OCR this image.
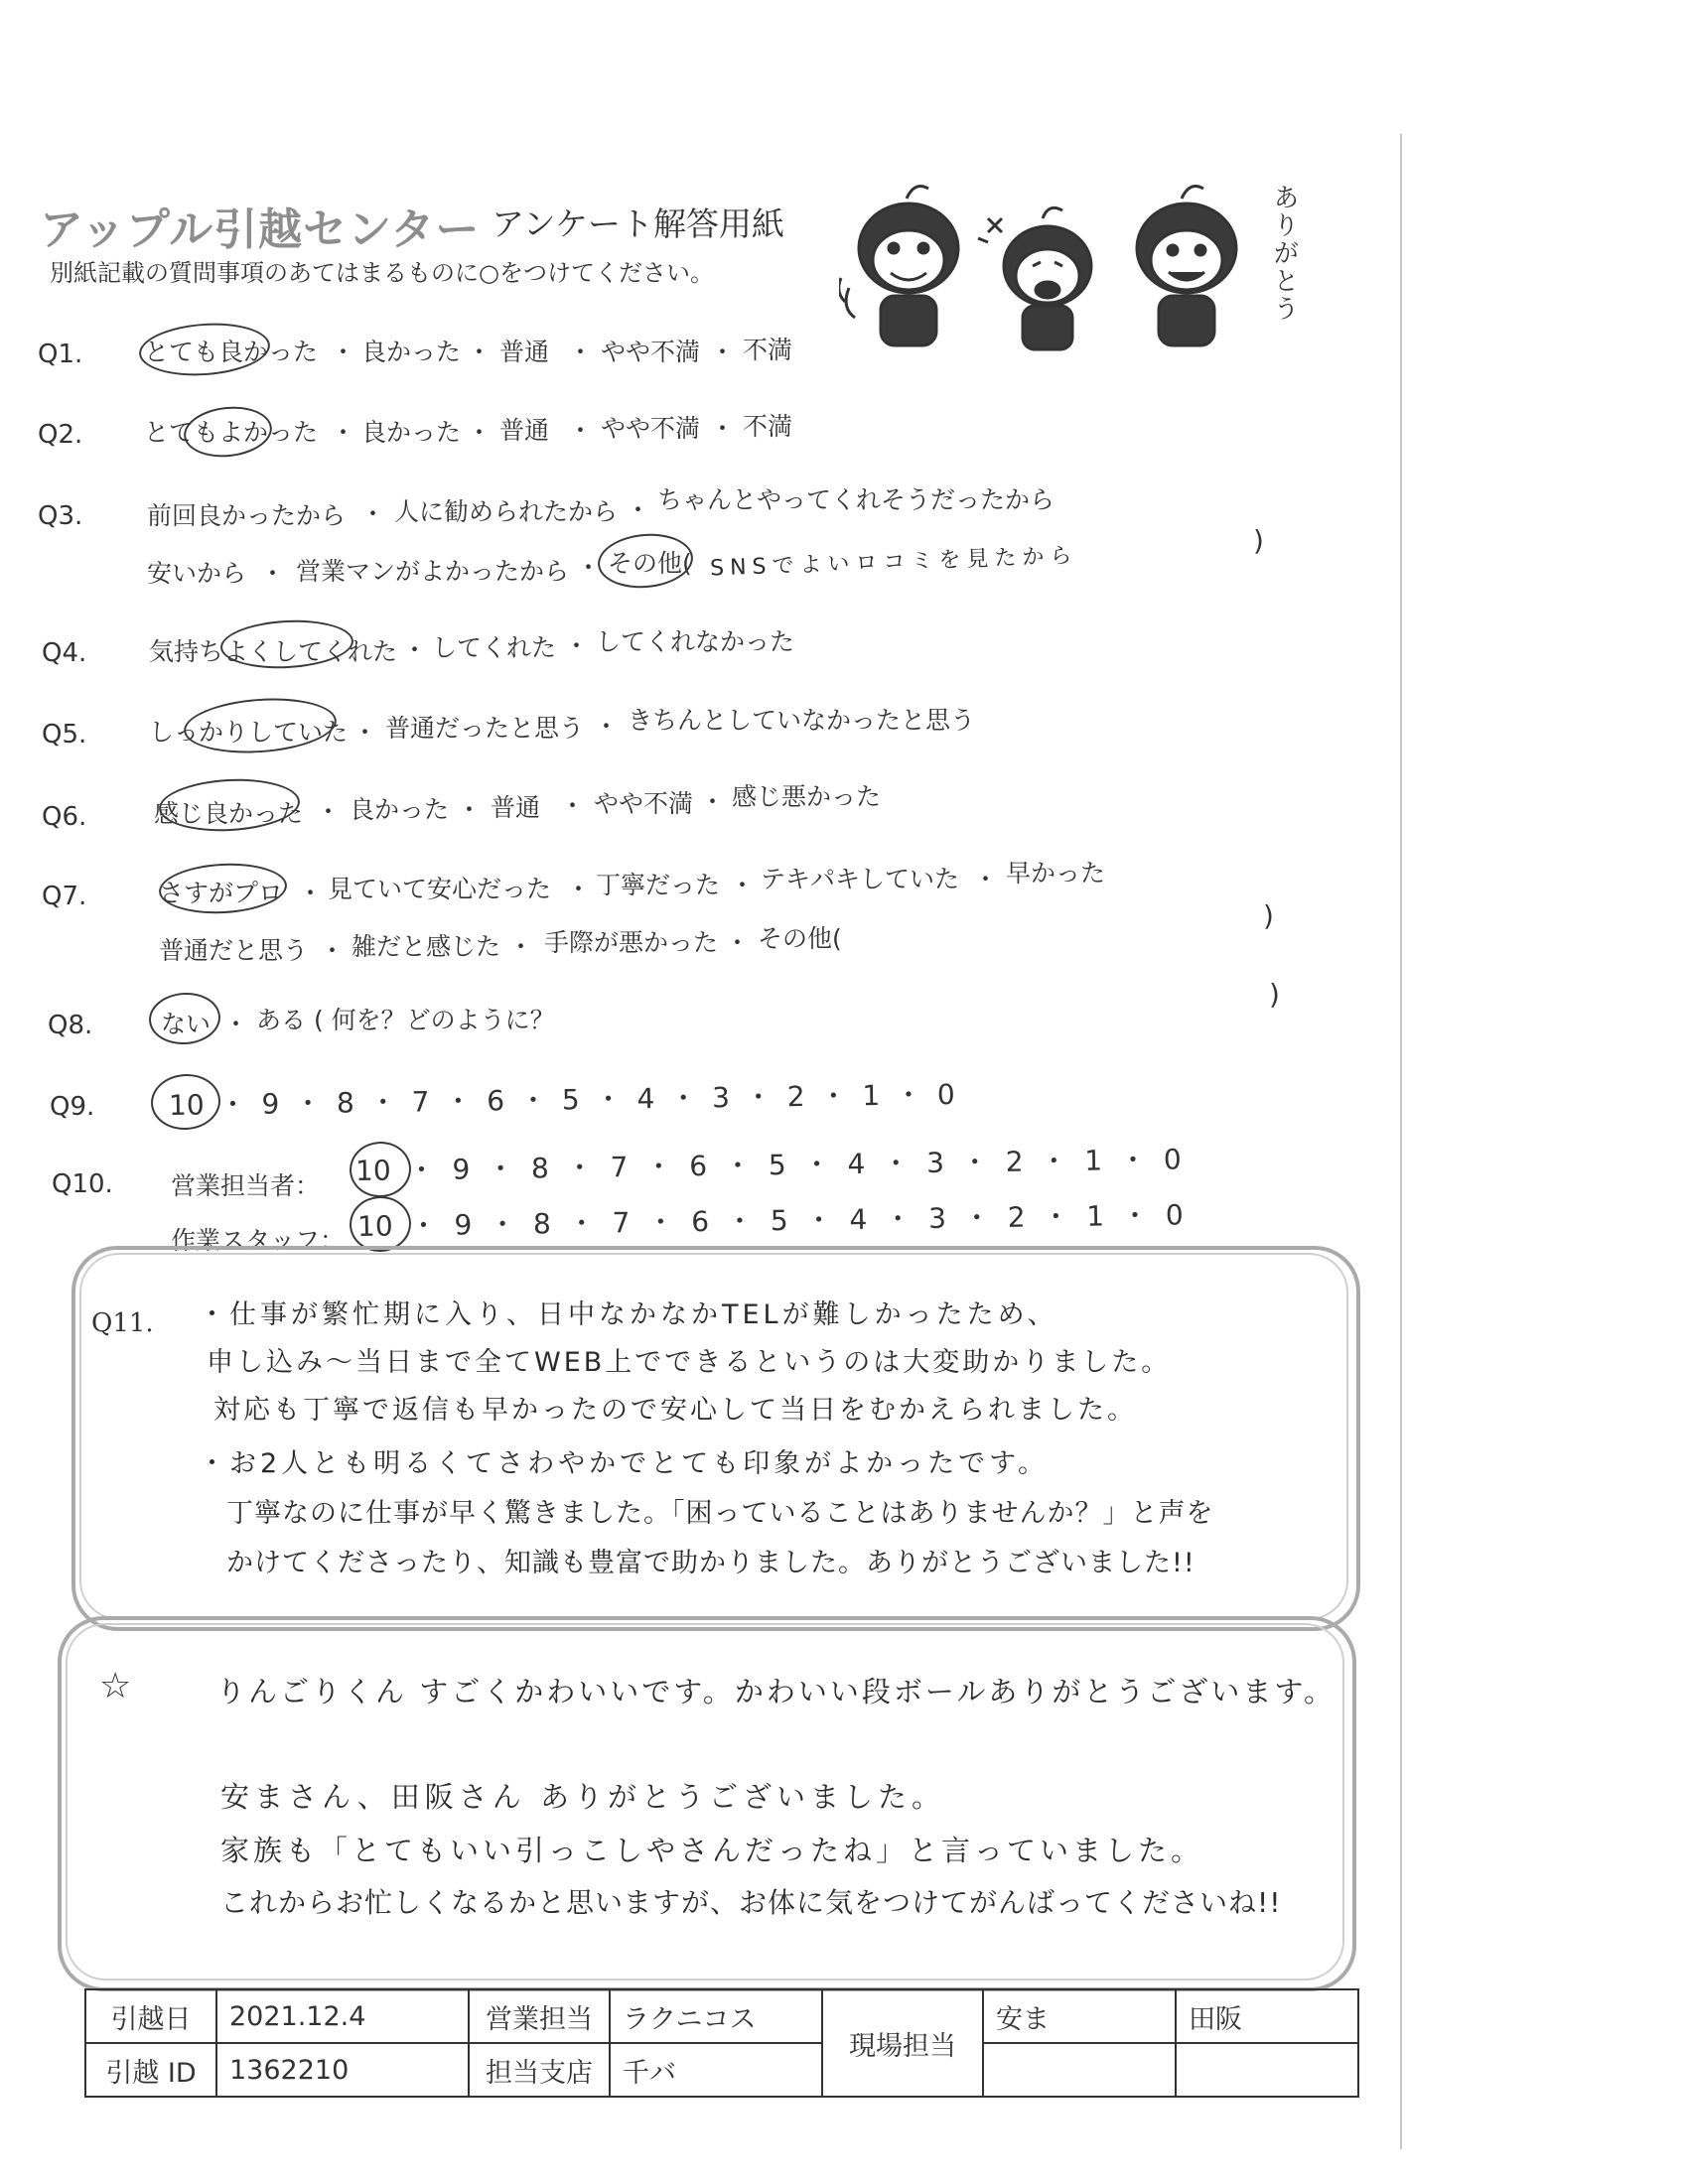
アップル引越センター アンケート解答用紙
別紙記載の質問事項のあてはまるものに○をつけてください。	ありがとう
Q1. とても良かった ・ 良かった ・ 普通 ・ やや不満 ・ 不満
Q2. とてもよかった ・ 良かった ・ 普通 ・ やや不満 ・ 不満
Q3.	前回良かったから ・ 人に勧められたから ・ ちゃんとやってくれそうだったから
安いから ・ 営業マンがよかったから ・ その他( SNSでよいロコミを見たから
)
Q4.	気持ちよくしてくれた ・ してくれた ・ してくれなかった
Q5.	しっかりしていた ・ 普通だったと思う ・ きちんとしていなかったと思う
Q6.	感じ良かった ・ 良かった ・ 普通 ・ やや不満 ・ 感じ悪かった
Q7.	さすがプロ ・ 見ていて安心だった ・ 丁寧だった ・ テキパキしていた ・ 早かった
普通だと思う ・ 雑だと感じた ・ 手際が悪かった ・ その他(
)
Q8.	ない ・ ある ( 何を？どのように？
)
Q9.	10 ・ 9 ・ 8 ・ 7 ・ 6 ・ 5 ・ 4 ・ 3 ・ 2 ・ 1 ・ 0
Q10. 営業担当者： 10 ・ 9 ・ 8 ・ 7 ・ 6 ・ 5 ・ 4 ・ 3 ・ 2 ・ 1 ・ 0
作業スタッフ： 10 ・ 9 ・ 8 ・ 7 ・ 6 ・ 5 ・ 4 ・ 3 ・ 2 ・ 1 ・ 0
Q11. ・仕事が繁忙期に入り、日中なかなかTELが難しかったため、
申し込み〜当日まで全てWEB上でできるというのは大変助かりました。
対応も丁寧で返信も早かったので安心して当日をむかえられました。
・お2人とも明るくてさわやかでとても印象がよかったです。
丁寧なのに仕事が早く驚きました。「困っていることはありませんか？」と声を
かけてくださったり、知識も豊富で助かりました。ありがとうございました!!
☆	りんごりくん すごくかわいいです。かわいい段ボールありがとうございます。
安まさん、田阪さん ありがとうございました。
家族も「とてもいい引っこしやさんだったね」と言っていました。
これからお忙しくなるかと思いますが、お体に気をつけてがんばってくださいね!!
引越日	2021.12.4	営業担当	ラクニコス	現場担当	安ま	田阪
引越 ID	1362210	担当支店	千バ			
